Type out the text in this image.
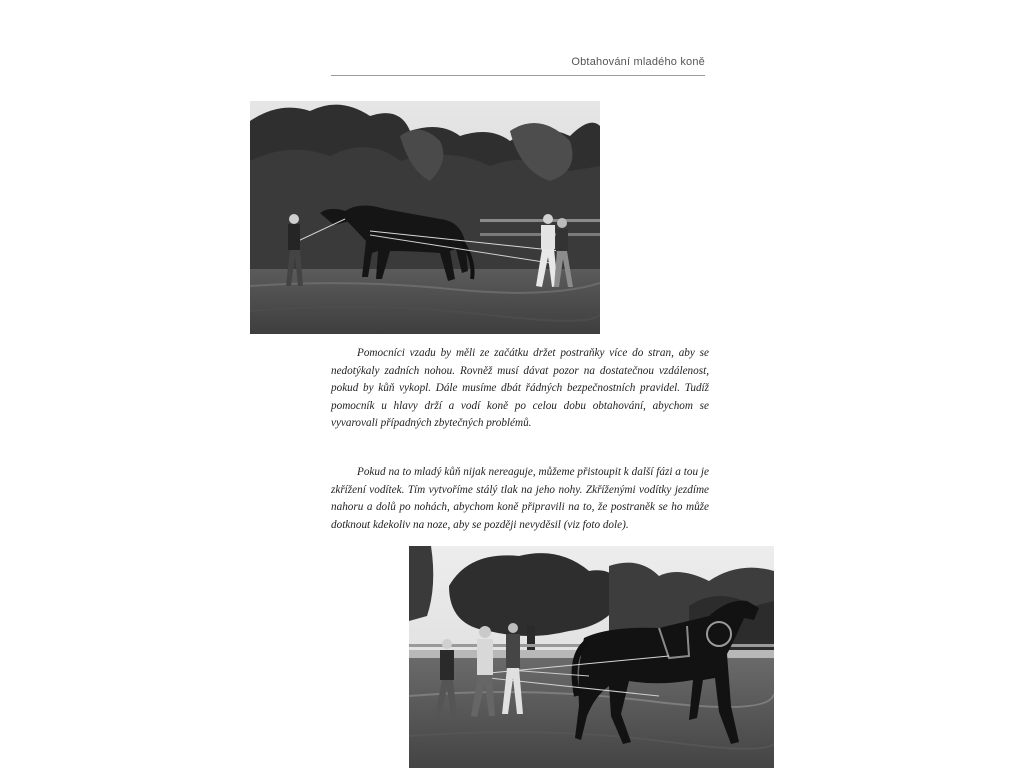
Obtahování mladého koně

Pomocníci vzadu by měli ze začátku držet postraňky více do stran, aby se nedotýkaly zadních nohou. Rovněž musí dávat pozor na dostatečnou vzdálenost, pokud by kůň vykopl. Dále musíme dbát řádných bezpečnostních pravidel. Tudíž pomocník u hlavy drží a vodí koně po celou dobu obtahování, abychom se vyvarovali případných zbytečných problémů.

Pokud na to mladý kůň nijak nereaguje, můžeme přistoupit k další fázi a tou je zkřížení vodítek. Tím vytvoříme stálý tlak na jeho nohy. Zkříženými vodítky jezdíme nahoru a dolů po nohách, abychom koně připravili na to, že postraněk se ho může dotknout kdekoliv na noze, aby se později nevyděsil (viz foto dole).
